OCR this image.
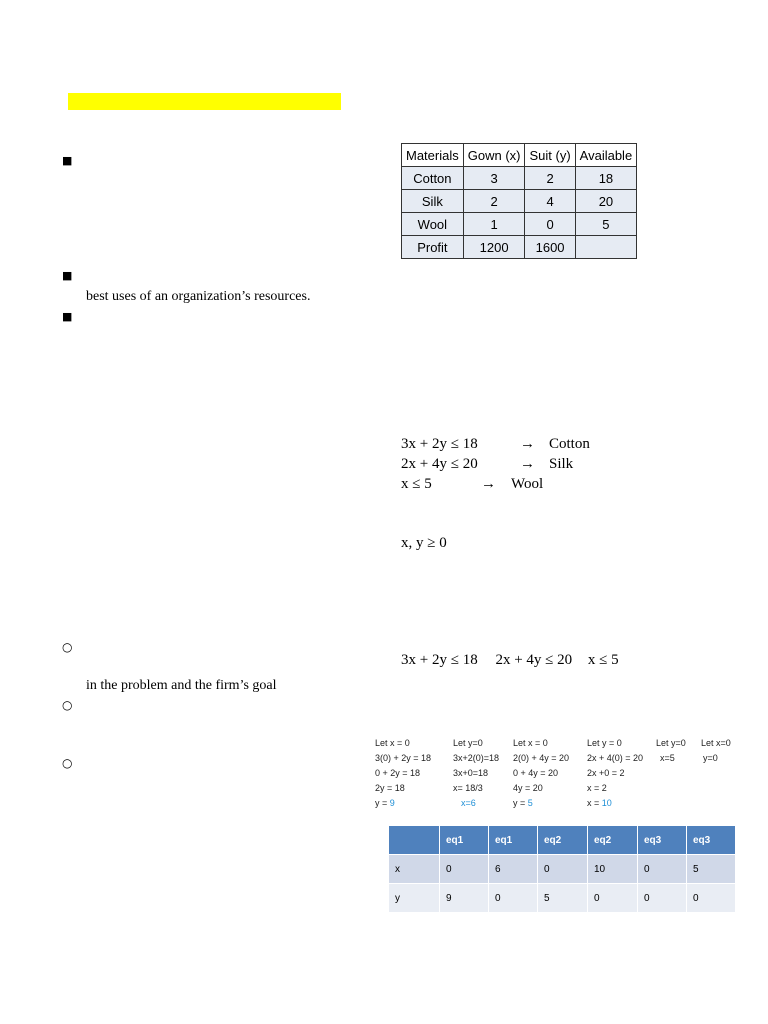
■
■
best uses of an organization’s resources.
■
○
in the problem and the firm’s goal
○
○
Materials	Gown (x)	Suit (y)	Available
Cotton	3	2	18
Silk	2	4	20
Wool	1	0	5
Profit	1200	1600	
3x + 2y ≤ 18	→ Cotton
2x + 4y ≤ 20	→ Silk
x ≤ 5	→ Wool
x, y ≥ 0
3x + 2y ≤ 18 2x + 4y ≤ 20 x ≤ 5
Let x = 0
3(0) + 2y = 18
0 + 2y = 18
2y = 18
y = 9
Let y=0
3x+2(0)=18
3x+0=18
x= 18/3
x=6
Let x = 0
2(0) + 4y = 20
0 + 4y = 20
4y = 20
y = 5
Let y = 0
2x + 4(0) = 20
2x +0 = 2
x = 2
x = 10
Let y=0
x=5
Let x=0
y=0
	eq1	eq1	eq2	eq2	eq3	eq3
x	0	6	0	10	0	5
y	9	0	5	0	0	0
